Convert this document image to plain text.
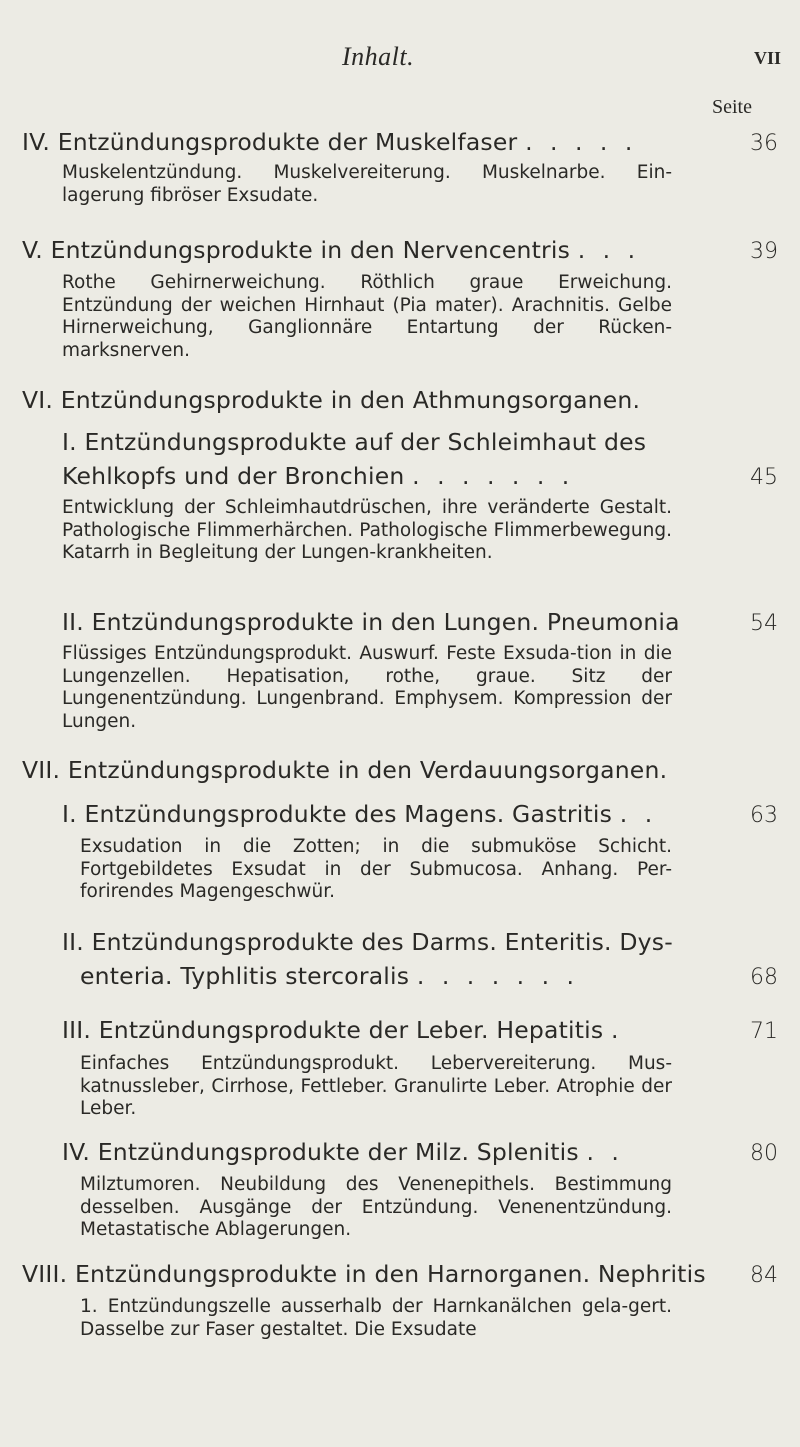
Inhalt.	VII
Seite
IV. Entzündungsprodukte der Muskelfaser . . . . .	36
Muskelentzündung. Muskelvereiterung. Muskelnarbe. Ein-lagerung fibröser Exsudate.
V. Entzündungsprodukte in den Nervencentris . . .	39
Rothe Gehirnerweichung. Röthlich graue Erweichung. Entzündung der weichen Hirnhaut (Pia mater). Arachnitis. Gelbe Hirnerweichung, Ganglionnäre Entartung der Rücken-marksnerven.
VI. Entzündungsprodukte in den Athmungsorganen.
I. Entzündungsprodukte auf der Schleimhaut des
Kehlkopfs und der Bronchien . . . . . . .	45
Entwicklung der Schleimhautdrüschen, ihre veränderte Gestalt. Pathologische Flimmerhärchen. Pathologische Flimmerbewegung. Katarrh in Begleitung der Lungen-krankheiten.
II. Entzündungsprodukte in den Lungen. Pneumonia	54
Flüssiges Entzündungsprodukt. Auswurf. Feste Exsuda-tion in die Lungenzellen. Hepatisation, rothe, graue. Sitz der Lungenentzündung. Lungenbrand. Emphysem. Kompression der Lungen.
VII. Entzündungsprodukte in den Verdauungsorganen.
I. Entzündungsprodukte des Magens. Gastritis . .	63
Exsudation in die Zotten; in die submuköse Schicht. Fortgebildetes Exsudat in der Submucosa. Anhang. Per-forirendes Magengeschwür.
II. Entzündungsprodukte des Darms. Enteritis. Dys-
enteria. Typhlitis stercoralis . . . . . . .	68
III. Entzündungsprodukte der Leber. Hepatitis .	71
Einfaches Entzündungsprodukt. Lebervereiterung. Mus-katnussleber, Cirrhose, Fettleber. Granulirte Leber. Atrophie der Leber.
IV. Entzündungsprodukte der Milz. Splenitis . .	80
Milztumoren. Neubildung des Venenepithels. Bestimmung desselben. Ausgänge der Entzündung. Venenentzündung. Metastatische Ablagerungen.
VIII. Entzündungsprodukte in den Harnorganen. Nephritis	84
1. Entzündungszelle ausserhalb der Harnkanälchen gela-gert. Dasselbe zur Faser gestaltet. Die Exsudate
